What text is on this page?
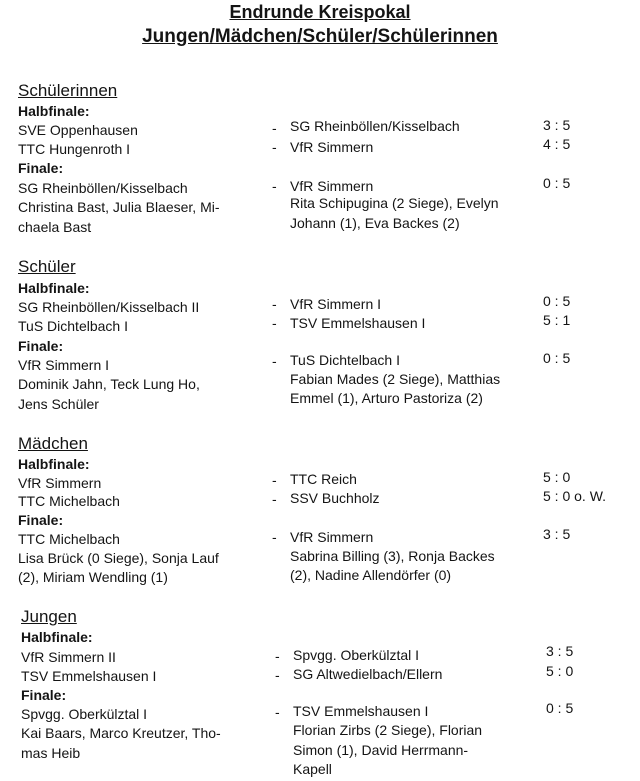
Endrunde Kreispokal
Jungen/Mädchen/Schüler/Schülerinnen
Schülerinnen
Halbfinale:
SVE Oppenhausen	- SG Rheinböllen/Kisselbach	3 : 5
TTC Hungenroth I	- VfR Simmern	4 : 5
Finale:
SG Rheinböllen/Kisselbach	- VfR Simmern	0 : 5
Christina Bast, Julia Blaeser, Mi-
chaela Bast
Rita Schipugina (2 Siege), Evelyn
Johann (1), Eva Backes (2)
Schüler
Halbfinale:
SG Rheinböllen/Kisselbach II	- VfR Simmern I	0 : 5
TuS Dichtelbach I	- TSV Emmelshausen I	5 : 1
Finale:
VfR Simmern I	- TuS Dichtelbach I	0 : 5
Dominik Jahn, Teck Lung Ho,
Jens Schüler
Fabian Mades (2 Siege), Matthias
Emmel (1), Arturo Pastoriza (2)
Mädchen
Halbfinale:
VfR Simmern	- TTC Reich	5 : 0
TTC Michelbach	- SSV Buchholz	5 : 0 o. W.
Finale:
TTC Michelbach	- VfR Simmern	3 : 5
Lisa Brück (0 Siege), Sonja Lauf
(2), Miriam Wendling (1)
Sabrina Billing (3), Ronja Backes
(2), Nadine Allendörfer (0)
Jungen
Halbfinale:
VfR Simmern II	- Spvgg. Oberkülztal I	3 : 5
TSV Emmelshausen I	- SG Altwedielbach/Ellern	5 : 0
Finale:
Spvgg. Oberkülztal I	- TSV Emmelshausen I	0 : 5
Kai Baars, Marco Kreutzer, Tho-
mas Heib
Florian Zirbs (2 Siege), Florian
Simon (1), David Herrmann-
Kapell
